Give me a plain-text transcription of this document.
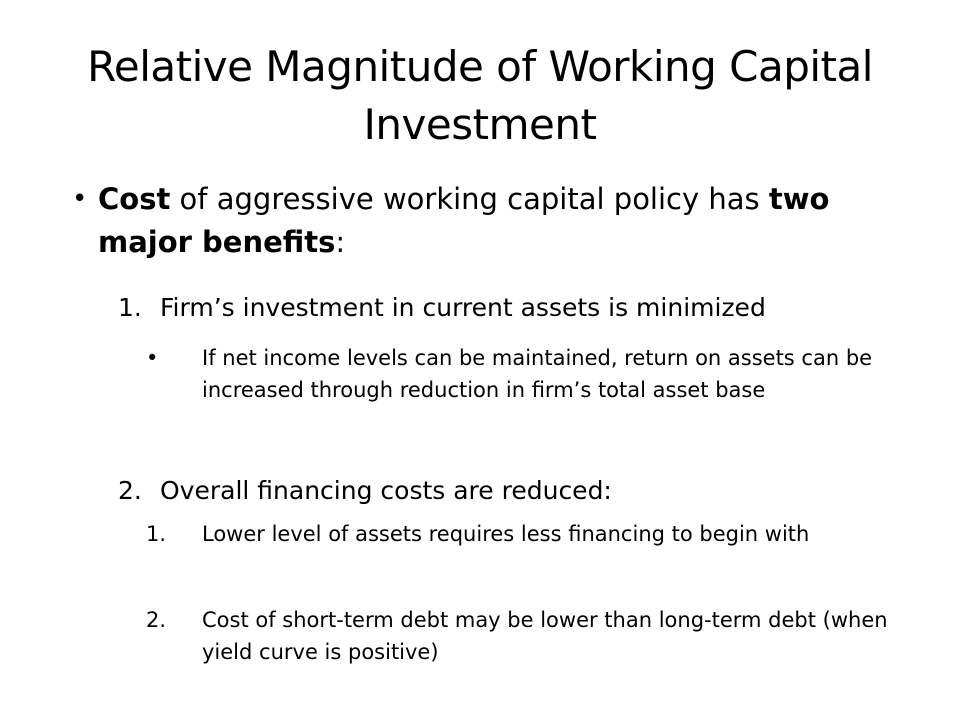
Relative Magnitude of Working Capital Investment
• Cost of aggressive working capital policy has two major benefits:
1. Firm’s investment in current assets is minimized
• If net income levels can be maintained, return on assets can be increased through reduction in firm’s total asset base
2. Overall financing costs are reduced:
1. Lower level of assets requires less financing to begin with
2. Cost of short-term debt may be lower than long-term debt (when yield curve is positive)
